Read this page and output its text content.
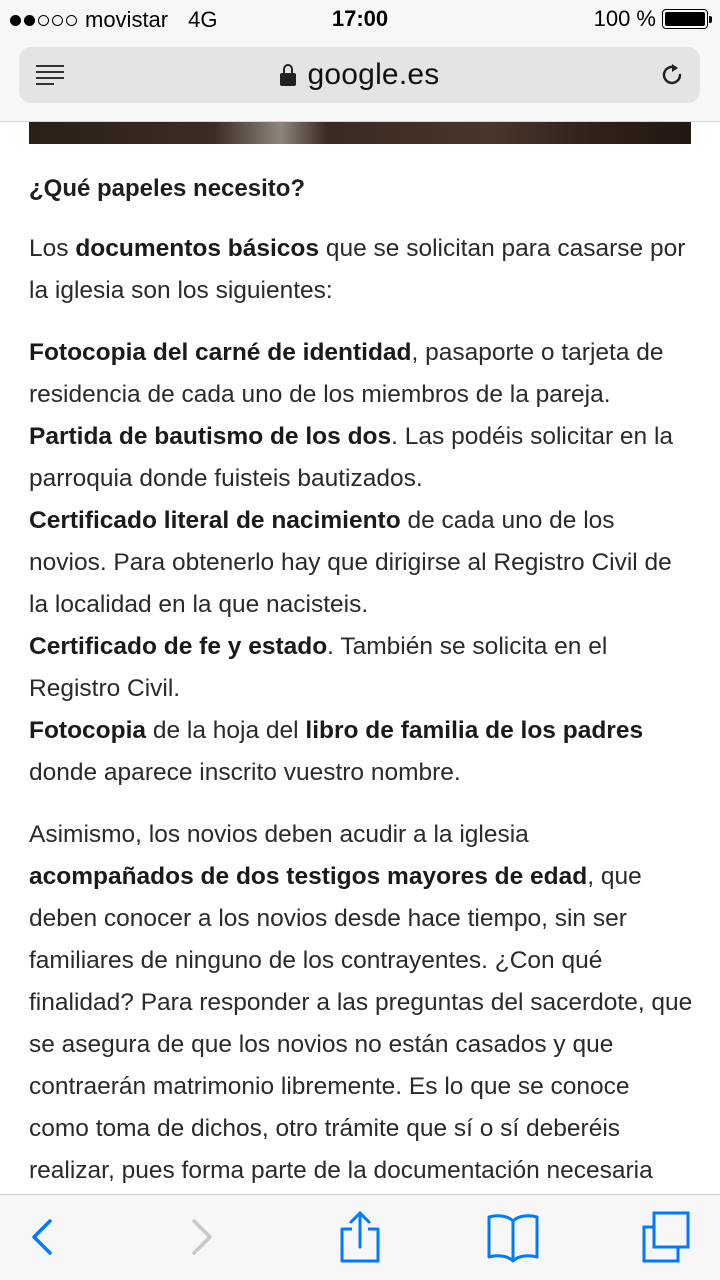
movistar 4G	17:00	100 %
google.es
¿Qué papeles necesito?

Los documentos básicos que se solicitan para casarse por la iglesia son los siguientes:

Fotocopia del carné de identidad, pasaporte o tarjeta de residencia de cada uno de los miembros de la pareja.
Partida de bautismo de los dos. Las podéis solicitar en la parroquia donde fuisteis bautizados.
Certificado literal de nacimiento de cada uno de los novios. Para obtenerlo hay que dirigirse al Registro Civil de la localidad en la que nacisteis.
Certificado de fe y estado. También se solicita en el Registro Civil.
Fotocopia de la hoja del libro de familia de los padres donde aparece inscrito vuestro nombre.

Asimismo, los novios deben acudir a la iglesia acompañados de dos testigos mayores de edad, que deben conocer a los novios desde hace tiempo, sin ser familiares de ninguno de los contrayentes. ¿Con qué finalidad? Para responder a las preguntas del sacerdote, que se asegura de que los novios no están casados y que contraerán matrimonio libremente. Es lo que se conoce como toma de dichos, otro trámite que sí o sí deberéis realizar, pues forma parte de la documentación necesaria
